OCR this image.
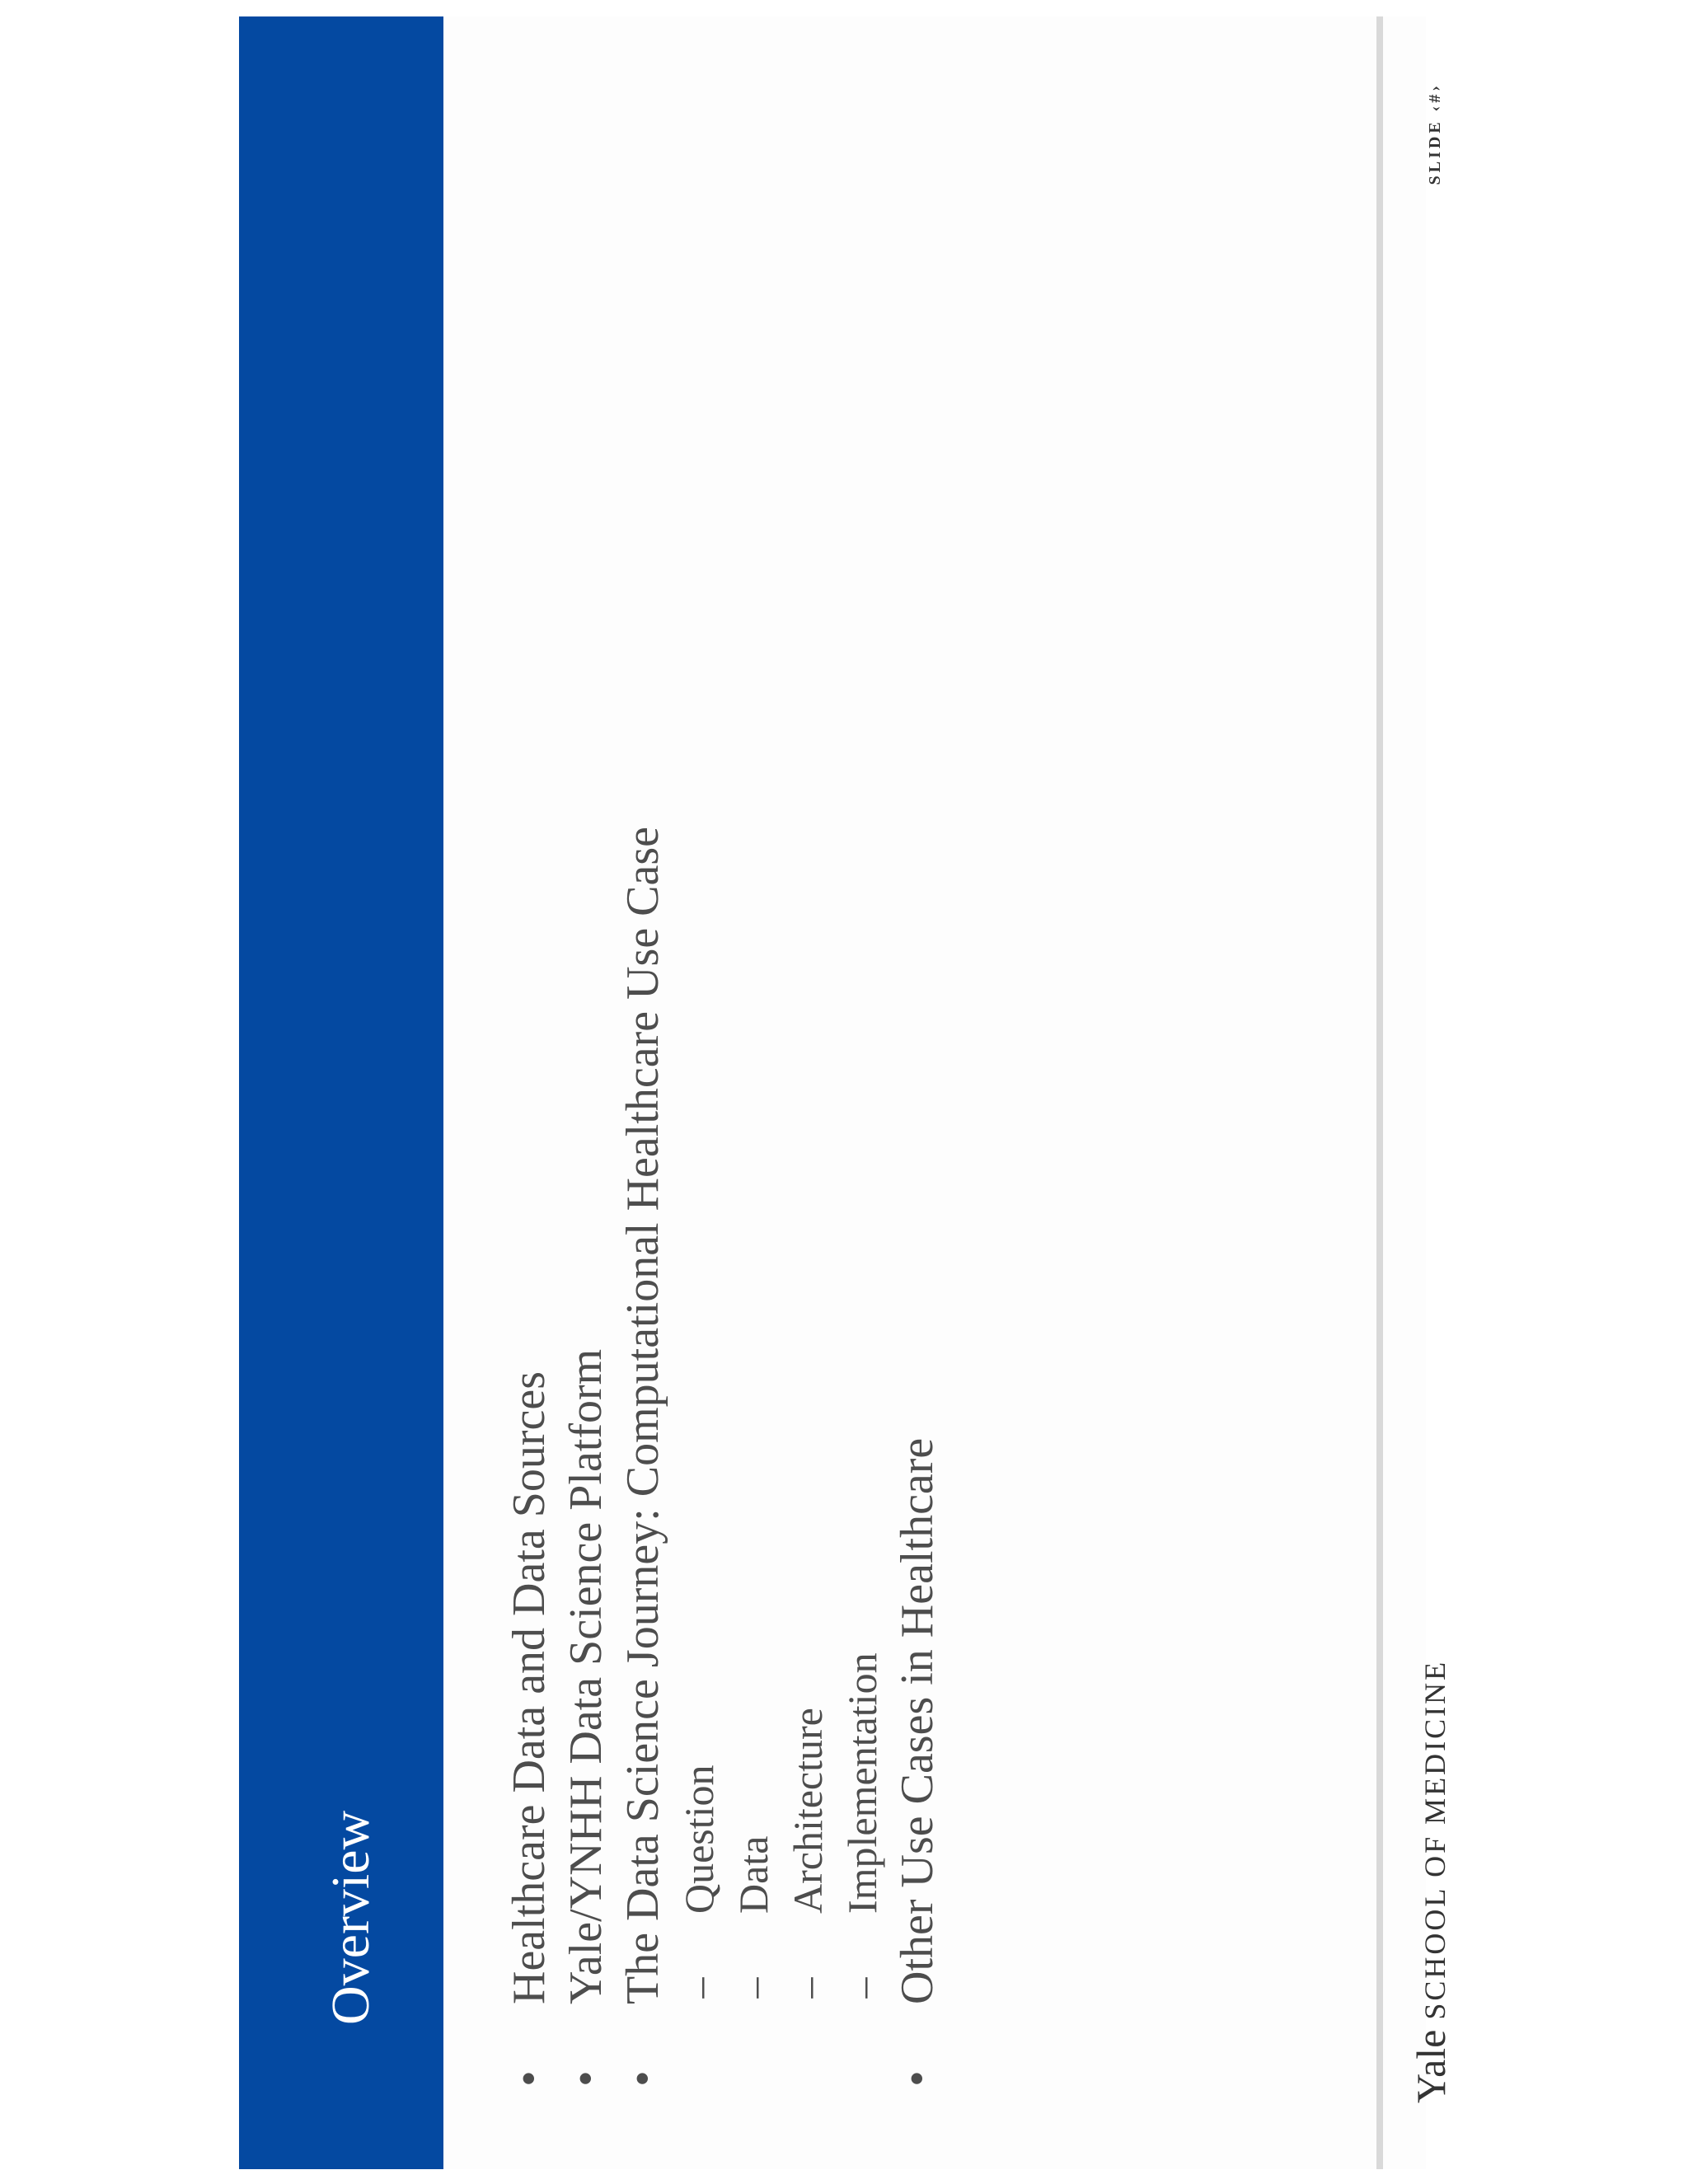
Overview
•
Healthcare Data and Data Sources
•
Yale/YNHH Data Science Platform
•
The Data Science Journey: Computational Healthcare Use Case –
Question
–
Data
–
Architecture
–
Implementation
•
Other Use Cases in Healthcare
YaleSCHOOL OF MEDICINE
SLIDE ‹#›
